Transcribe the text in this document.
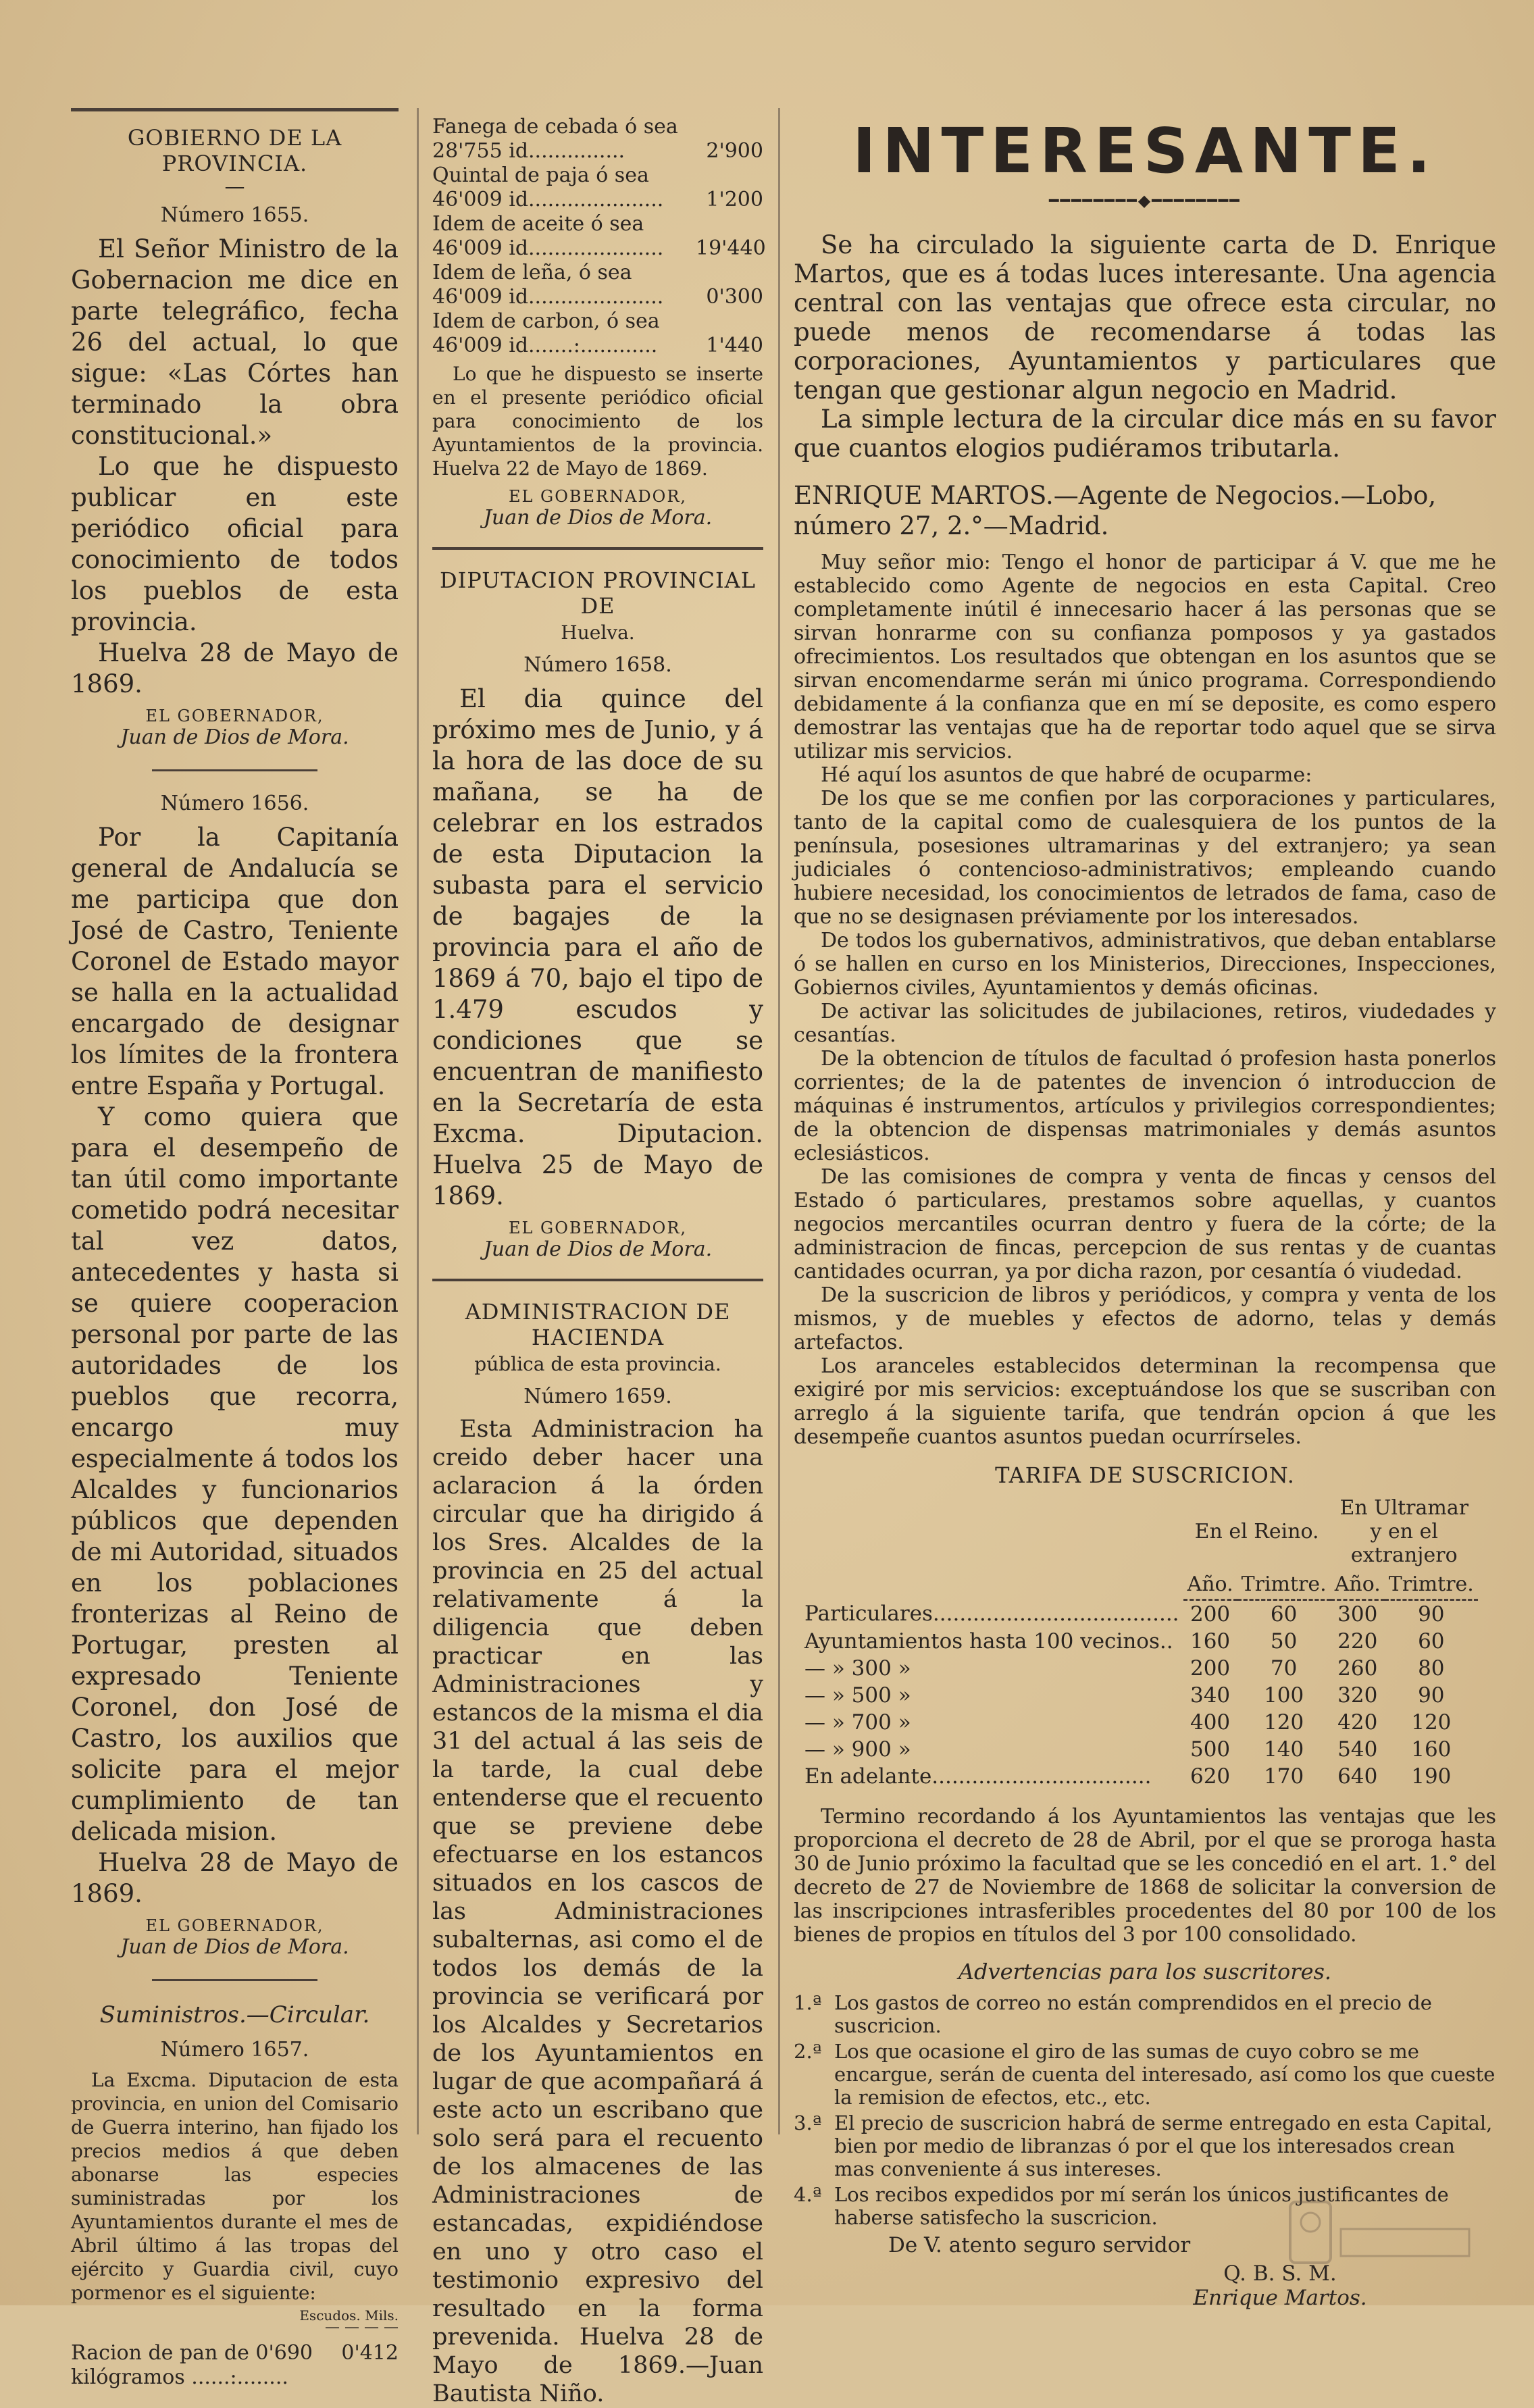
GOBIERNO DE LA PROVINCIA.
—
Número 1655.

El Señor Ministro de la Gobernacion me dice en parte telegráfico, fecha 26 del actual, lo que sigue: «Las Córtes han terminado la obra constitucional.»

Lo que he dispuesto publicar en este periódico oficial para conocimiento de todos los pueblos de esta provincia.

Huelva 28 de Mayo de 1869.

EL GOBERNADOR,
Juan de Dios de Mora.
Número 1656.

Por la Capitanía general de Andalucía se me participa que don José de Castro, Teniente Coronel de Estado mayor se halla en la actualidad encargado de designar los límites de la frontera entre España y Portugal.

Y como quiera que para el desempeño de tan útil como importante cometido podrá necesitar tal vez datos, antecedentes y hasta si se quiere cooperacion personal por parte de las autoridades de los pueblos que recorra, encargo muy especialmente á todos los Alcaldes y funcionarios públicos que dependen de mi Autoridad, situados en los poblaciones fronterizas al Reino de Portugar, presten al expresado Teniente Coronel, don José de Castro, los auxilios que solicite para el mejor cumplimiento de tan delicada mision.

Huelva 28 de Mayo de 1869.

EL GOBERNADOR,
Juan de Dios de Mora.
Suministros.—Circular.
Número 1657.

La Excma. Diputacion de esta provincia, en union del Comisario de Guerra interino, han fijado los precios medios á que deben abonarse las especies suministradas por los Ayuntamientos durante el mes de Abril último á las tropas del ejército y Guardia civil, cuyo pormenor es el siguiente:

Escudos. Mils.
— — — —
Racion de pan de 0'690 kilógramos ......:........
0'412
Fanega de cebada ó sea 28'755 id...............	2'900
Quintal de paja ó sea 46'009 id.....................	1'200
Idem de aceite ó sea 46'009 id.....................	19'440
Idem de leña, ó sea 46'009 id.....................	0'300
Idem de carbon, ó sea 46'009 id.......:............	1'440

Lo que he dispuesto se inserte en el presente periódico oficial para conocimiento de los Ayuntamientos de la provincia. Huelva 22 de Mayo de 1869.

EL GOBERNADOR,
Juan de Dios de Mora.
DIPUTACION PROVINCIAL DE
Huelva.
Número 1658.

El dia quince del próximo mes de Junio, y á la hora de las doce de su mañana, se ha de celebrar en los estrados de esta Diputacion la subasta para el servicio de bagajes de la provincia para el año de 1869 á 70, bajo el tipo de 1.479 escudos y condiciones que se encuentran de manifiesto en la Secretaría de esta Excma. Diputacion. Huelva 25 de Mayo de 1869.

EL GOBERNADOR,
Juan de Dios de Mora.
ADMINISTRACION DE HACIENDA
pública de esta provincia.
Número 1659.

Esta Administracion ha creido deber hacer una aclaracion á la órden circular que ha dirigido á los Sres. Alcaldes de la provincia en 25 del actual relativamente á la diligencia que deben practicar en las Administraciones y estancos de la misma el dia 31 del actual á las seis de la tarde, la cual debe entenderse que el recuento que se previene debe efectuarse en los estancos situados en los cascos de las Administraciones subalternas, asi como el de todos los demás de la provincia se verificará por los Alcaldes y Secretarios de los Ayuntamientos en lugar de que acompañará á este acto un escribano que solo será para el recuento de los almacenes de las Administraciones de estancadas, expidiéndose en uno y otro caso el testimonio expresivo del resultado en la forma prevenida. Huelva 28 de Mayo de 1869.—Juan Bautista Niño.

INTERESANTE.
━━━━━━━━◆━━━━━━━━

Se ha circulado la siguiente carta de D. Enrique Martos, que es á todas luces interesante. Una agencia central con las ventajas que ofrece esta circular, no puede menos de recomendarse á todas las corporaciones, Ayuntamientos y particulares que tengan que gestionar algun negocio en Madrid.

La simple lectura de la circular dice más en su favor que cuantos elogios pudiéramos tributarla.

ENRIQUE MARTOS.—Agente de Negocios.—Lobo, número 27, 2.°—Madrid.

Muy señor mio: Tengo el honor de participar á V. que me he establecido como Agente de negocios en esta Capital. Creo completamente inútil é innecesario hacer á las personas que se sirvan honrarme con su confianza pomposos y ya gastados ofrecimientos. Los resultados que obtengan en los asuntos que se sirvan encomendarme serán mi único programa. Correspondiendo debidamente á la confianza que en mí se deposite, es como espero demostrar las ventajas que ha de reportar todo aquel que se sirva utilizar mis servicios.

Hé aquí los asuntos de que habré de ocuparme:

De los que se me confien por las corporaciones y particulares, tanto de la capital como de cualesquiera de los puntos de la península, posesiones ultramarinas y del extranjero; ya sean judiciales ó contencioso-administrativos; empleando cuando hubiere necesidad, los conocimientos de letrados de fama, caso de que no se designasen préviamente por los interesados.

De todos los gubernativos, administrativos, que deban entablarse ó se hallen en curso en los Ministerios, Direcciones, Inspecciones, Gobiernos civiles, Ayuntamientos y demás oficinas.

De activar las solicitudes de jubilaciones, retiros, viudedades y cesantías.

De la obtencion de títulos de facultad ó profesion hasta ponerlos corrientes; de la de patentes de invencion ó introduccion de máquinas é instrumentos, artículos y privilegios correspondientes; de la obtencion de dispensas matrimoniales y demás asuntos eclesiásticos.

De las comisiones de compra y venta de fincas y censos del Estado ó particulares, prestamos sobre aquellas, y cuantos negocios mercantiles ocurran dentro y fuera de la córte; de la administracion de fincas, percepcion de sus rentas y de cuantas cantidades ocurran, ya por dicha razon, por cesantía ó viudedad.

De la suscricion de libros y periódicos, y compra y venta de los mismos, y de muebles y efectos de adorno, telas y demás artefactos.

Los aranceles establecidos determinan la recompensa que exigiré por mis servicios: exceptuándose los que se suscriban con arreglo á la siguiente tarifa, que tendrán opcion á que les desempeñe cuantos asuntos puedan ocurrírseles.

TARIFA DE SUSCRICION.
	En el Reino.		En Ultramar y en el extranjero	
	Año.	Trimtre.	Año.	Trimtre.
Particulares.....................................	200	60	300	90
Ayuntamientos hasta 100 vecinos..	160	50	220	60
— » 300 »	200	70	260	80
— » 500 »	340	100	320	90
— » 700 »	400	120	420	120
— » 900 »	500	140	540	160
En adelante.................................	620	170	640	190

Termino recordando á los Ayuntamientos las ventajas que les proporciona el decreto de 28 de Abril, por el que se proroga hasta 30 de Junio próximo la facultad que se les concedió en el art. 1.° del decreto de 27 de Noviembre de 1868 de solicitar la conversion de las inscripciones intrasferibles procedentes del 80 por 100 de los bienes de propios en títulos del 3 por 100 consolidado.

Advertencias para los suscritores.
1.ª Los gastos de correo no están comprendidos en el precio de suscricion.
2.ª Los que ocasione el giro de las sumas de cuyo cobro se me encargue, serán de cuenta del interesado, así como los que cueste la remision de efectos, etc., etc.
3.ª El precio de suscricion habrá de serme entregado en esta Capital, bien por medio de libranzas ó por el que los interesados crean mas conveniente á sus intereses.
4.ª Los recibos expedidos por mí serán los únicos justificantes de haberse satisfecho la suscricion.
De V. atento seguro servidor
Q. B. S. M.
Enrique Martos.
